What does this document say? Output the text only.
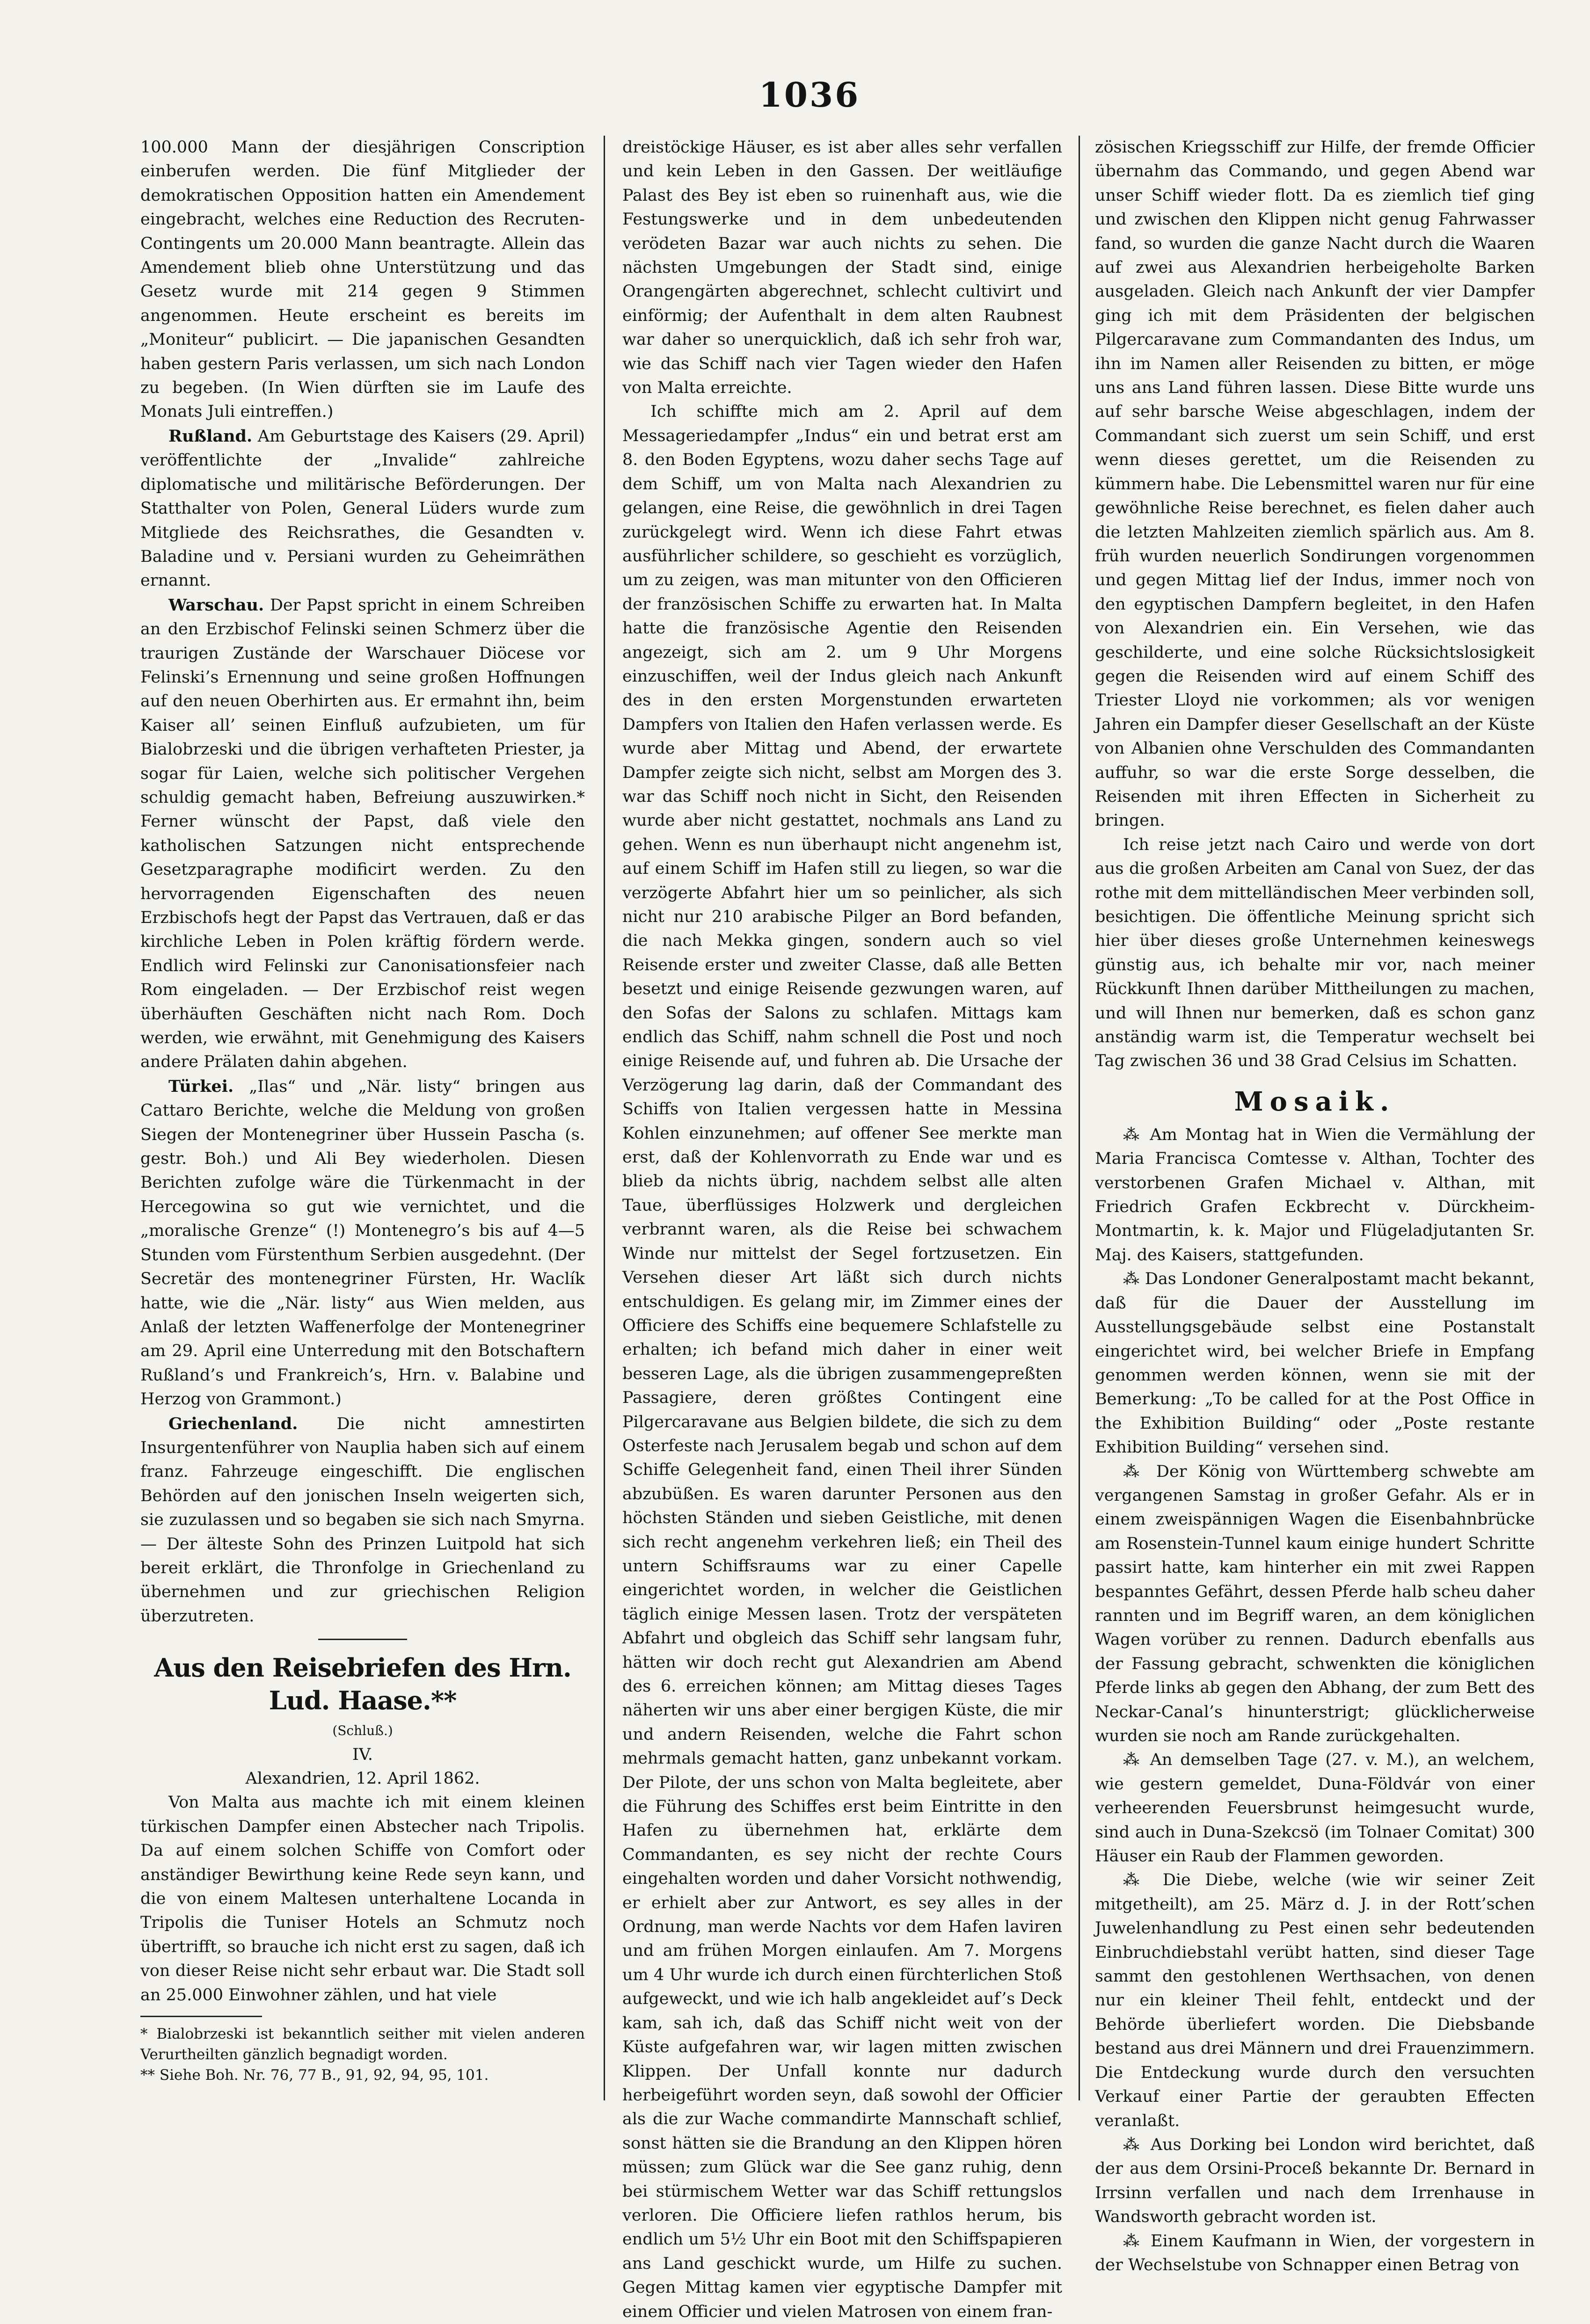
1036

100.000 Mann der diesjährigen Conscription einberufen werden. Die fünf Mitglieder der demokratischen Opposition hatten ein Amendement eingebracht, welches eine Reduction des Recruten-Contingents um 20.000 Mann beantragte. Allein das Amendement blieb ohne Unterstützung und das Gesetz wurde mit 214 gegen 9 Stimmen angenommen. Heute erscheint es bereits im „Moniteur“ publicirt. — Die japanischen Gesandten haben gestern Paris verlassen, um sich nach London zu begeben. (In Wien dürften sie im Laufe des Monats Juli eintreffen.)

Rußland. Am Geburtstage des Kaisers (29. April) veröffentlichte der „Invalide“ zahlreiche diplomatische und militärische Beförderungen. Der Statthalter von Polen, General Lüders wurde zum Mitgliede des Reichsrathes, die Gesandten v. Baladine und v. Persiani wurden zu Geheimräthen ernannt.

Warschau. Der Papst spricht in einem Schreiben an den Erzbischof Felinski seinen Schmerz über die traurigen Zustände der Warschauer Diöcese vor Felinski’s Ernennung und seine großen Hoffnungen auf den neuen Oberhirten aus. Er ermahnt ihn, beim Kaiser all’ seinen Einfluß aufzubieten, um für Bialobrzeski und die übrigen verhafteten Priester, ja sogar für Laien, welche sich politischer Vergehen schuldig gemacht haben, Befreiung auszuwirken.* Ferner wünscht der Papst, daß viele den katholischen Satzungen nicht entsprechende Gesetzparagraphe modificirt werden. Zu den hervorragenden Eigenschaften des neuen Erzbischofs hegt der Papst das Vertrauen, daß er das kirchliche Leben in Polen kräftig fördern werde. Endlich wird Felinski zur Canonisationsfeier nach Rom eingeladen. — Der Erzbischof reist wegen überhäuften Geschäften nicht nach Rom. Doch werden, wie erwähnt, mit Genehmigung des Kaisers andere Prälaten dahin abgehen.

Türkei. „Ilas“ und „När. listy“ bringen aus Cattaro Berichte, welche die Meldung von großen Siegen der Montenegriner über Hussein Pascha (s. gestr. Boh.) und Ali Bey wiederholen. Diesen Berichten zufolge wäre die Türkenmacht in der Hercegowina so gut wie vernichtet, und die „moralische Grenze“ (!) Montenegro’s bis auf 4—5 Stunden vom Fürstenthum Serbien ausgedehnt. (Der Secretär des montenegriner Fürsten, Hr. Waclík hatte, wie die „När. listy“ aus Wien melden, aus Anlaß der letzten Waffenerfolge der Montenegriner am 29. April eine Unterredung mit den Botschaftern Rußland’s und Frankreich’s, Hrn. v. Balabine und Herzog von Grammont.)

Griechenland. Die nicht amnestirten Insurgentenführer von Nauplia haben sich auf einem franz. Fahrzeuge eingeschifft. Die englischen Behörden auf den jonischen Inseln weigerten sich, sie zuzulassen und so begaben sie sich nach Smyrna. — Der älteste Sohn des Prinzen Luitpold hat sich bereit erklärt, die Thronfolge in Griechenland zu übernehmen und zur griechischen Religion überzutreten.

Aus den Reisebriefen des Hrn. Lud. Haase.**

(Schluß.)

IV.

Alexandrien, 12. April 1862.

Von Malta aus machte ich mit einem kleinen türkischen Dampfer einen Abstecher nach Tripolis. Da auf einem solchen Schiffe von Comfort oder anständiger Bewirthung keine Rede seyn kann, und die von einem Maltesen unterhaltene Locanda in Tripolis die Tuniser Hotels an Schmutz noch übertrifft, so brauche ich nicht erst zu sagen, daß ich von dieser Reise nicht sehr erbaut war. Die Stadt soll an 25.000 Einwohner zählen, und hat viele

* Bialobrzeski ist bekanntlich seither mit vielen anderen Verurtheilten gänzlich begnadigt worden.

** Siehe Boh. Nr. 76, 77 B., 91, 92, 94, 95, 101.

dreistöckige Häuser, es ist aber alles sehr verfallen und kein Leben in den Gassen. Der weitläufige Palast des Bey ist eben so ruinenhaft aus, wie die Festungswerke und in dem unbedeutenden verödeten Bazar war auch nichts zu sehen. Die nächsten Umgebungen der Stadt sind, einige Orangengärten abgerechnet, schlecht cultivirt und einförmig; der Aufenthalt in dem alten Raubnest war daher so unerquicklich, daß ich sehr froh war, wie das Schiff nach vier Tagen wieder den Hafen von Malta erreichte.

Ich schiffte mich am 2. April auf dem Messageriedampfer „Indus“ ein und betrat erst am 8. den Boden Egyptens, wozu daher sechs Tage auf dem Schiff, um von Malta nach Alexandrien zu gelangen, eine Reise, die gewöhnlich in drei Tagen zurückgelegt wird. Wenn ich diese Fahrt etwas ausführlicher schildere, so geschieht es vorzüglich, um zu zeigen, was man mitunter von den Officieren der französischen Schiffe zu erwarten hat. In Malta hatte die französische Agentie den Reisenden angezeigt, sich am 2. um 9 Uhr Morgens einzuschiffen, weil der Indus gleich nach Ankunft des in den ersten Morgenstunden erwarteten Dampfers von Italien den Hafen verlassen werde. Es wurde aber Mittag und Abend, der erwartete Dampfer zeigte sich nicht, selbst am Morgen des 3. war das Schiff noch nicht in Sicht, den Reisenden wurde aber nicht gestattet, nochmals ans Land zu gehen. Wenn es nun überhaupt nicht angenehm ist, auf einem Schiff im Hafen still zu liegen, so war die verzögerte Abfahrt hier um so peinlicher, als sich nicht nur 210 arabische Pilger an Bord befanden, die nach Mekka gingen, sondern auch so viel Reisende erster und zweiter Classe, daß alle Betten besetzt und einige Reisende gezwungen waren, auf den Sofas der Salons zu schlafen. Mittags kam endlich das Schiff, nahm schnell die Post und noch einige Reisende auf, und fuhren ab. Die Ursache der Verzögerung lag darin, daß der Commandant des Schiffs von Italien vergessen hatte in Messina Kohlen einzunehmen; auf offener See merkte man erst, daß der Kohlenvorrath zu Ende war und es blieb da nichts übrig, nachdem selbst alle alten Taue, überflüssiges Holzwerk und dergleichen verbrannt waren, als die Reise bei schwachem Winde nur mittelst der Segel fortzusetzen. Ein Versehen dieser Art läßt sich durch nichts entschuldigen. Es gelang mir, im Zimmer eines der Officiere des Schiffs eine bequemere Schlafstelle zu erhalten; ich befand mich daher in einer weit besseren Lage, als die übrigen zusammengepreßten Passagiere, deren größtes Contingent eine Pilgercaravane aus Belgien bildete, die sich zu dem Osterfeste nach Jerusalem begab und schon auf dem Schiffe Gelegenheit fand, einen Theil ihrer Sünden abzubüßen. Es waren darunter Personen aus den höchsten Ständen und sieben Geistliche, mit denen sich recht angenehm verkehren ließ; ein Theil des untern Schiffsraums war zu einer Capelle eingerichtet worden, in welcher die Geistlichen täglich einige Messen lasen. Trotz der verspäteten Abfahrt und obgleich das Schiff sehr langsam fuhr, hätten wir doch recht gut Alexandrien am Abend des 6. erreichen können; am Mittag dieses Tages näherten wir uns aber einer bergigen Küste, die mir und andern Reisenden, welche die Fahrt schon mehrmals gemacht hatten, ganz unbekannt vorkam. Der Pilote, der uns schon von Malta begleitete, aber die Führung des Schiffes erst beim Eintritte in den Hafen zu übernehmen hat, erklärte dem Commandanten, es sey nicht der rechte Cours eingehalten worden und daher Vorsicht nothwendig, er erhielt aber zur Antwort, es sey alles in der Ordnung, man werde Nachts vor dem Hafen laviren und am frühen Morgen einlaufen. Am 7. Morgens um 4 Uhr wurde ich durch einen fürchterlichen Stoß aufgeweckt, und wie ich halb angekleidet auf’s Deck kam, sah ich, daß das Schiff nicht weit von der Küste aufgefahren war, wir lagen mitten zwischen Klippen. Der Unfall konnte nur dadurch herbeigeführt worden seyn, daß sowohl der Officier als die zur Wache commandirte Mannschaft schlief, sonst hätten sie die Brandung an den Klippen hören müssen; zum Glück war die See ganz ruhig, denn bei stürmischem Wetter war das Schiff rettungslos verloren. Die Officiere liefen rathlos herum, bis endlich um 5½ Uhr ein Boot mit den Schiffspapieren ans Land geschickt wurde, um Hilfe zu suchen. Gegen Mittag kamen vier egyptische Dampfer mit einem Officier und vielen Matrosen von einem fran-

zösischen Kriegsschiff zur Hilfe, der fremde Officier übernahm das Commando, und gegen Abend war unser Schiff wieder flott. Da es ziemlich tief ging und zwischen den Klippen nicht genug Fahrwasser fand, so wurden die ganze Nacht durch die Waaren auf zwei aus Alexandrien herbeigeholte Barken ausgeladen. Gleich nach Ankunft der vier Dampfer ging ich mit dem Präsidenten der belgischen Pilgercaravane zum Commandanten des Indus, um ihn im Namen aller Reisenden zu bitten, er möge uns ans Land führen lassen. Diese Bitte wurde uns auf sehr barsche Weise abgeschlagen, indem der Commandant sich zuerst um sein Schiff, und erst wenn dieses gerettet, um die Reisenden zu kümmern habe. Die Lebensmittel waren nur für eine gewöhnliche Reise berechnet, es fielen daher auch die letzten Mahlzeiten ziemlich spärlich aus. Am 8. früh wurden neuerlich Sondirungen vorgenommen und gegen Mittag lief der Indus, immer noch von den egyptischen Dampfern begleitet, in den Hafen von Alexandrien ein. Ein Versehen, wie das geschilderte, und eine solche Rücksichtslosigkeit gegen die Reisenden wird auf einem Schiff des Triester Lloyd nie vorkommen; als vor wenigen Jahren ein Dampfer dieser Gesellschaft an der Küste von Albanien ohne Verschulden des Commandanten auffuhr, so war die erste Sorge desselben, die Reisenden mit ihren Effecten in Sicherheit zu bringen.

Ich reise jetzt nach Cairo und werde von dort aus die großen Arbeiten am Canal von Suez, der das rothe mit dem mittelländischen Meer verbinden soll, besichtigen. Die öffentliche Meinung spricht sich hier über dieses große Unternehmen keineswegs günstig aus, ich behalte mir vor, nach meiner Rückkunft Ihnen darüber Mittheilungen zu machen, und will Ihnen nur bemerken, daß es schon ganz anständig warm ist, die Temperatur wechselt bei Tag zwischen 36 und 38 Grad Celsius im Schatten.

Mosaik.

⁂ Am Montag hat in Wien die Vermählung der Maria Francisca Comtesse v. Althan, Tochter des verstorbenen Grafen Michael v. Althan, mit Friedrich Grafen Eckbrecht v. Dürckheim-Montmartin, k. k. Major und Flügeladjutanten Sr. Maj. des Kaisers, stattgefunden.

⁂ Das Londoner Generalpostamt macht bekannt, daß für die Dauer der Ausstellung im Ausstellungsgebäude selbst eine Postanstalt eingerichtet wird, bei welcher Briefe in Empfang genommen werden können, wenn sie mit der Bemerkung: „To be called for at the Post Office in the Exhibition Building“ oder „Poste restante Exhibition Building“ versehen sind.

⁂ Der König von Württemberg schwebte am vergangenen Samstag in großer Gefahr. Als er in einem zweispännigen Wagen die Eisenbahnbrücke am Rosenstein-Tunnel kaum einige hundert Schritte passirt hatte, kam hinterher ein mit zwei Rappen bespanntes Gefährt, dessen Pferde halb scheu daher rannten und im Begriff waren, an dem königlichen Wagen vorüber zu rennen. Dadurch ebenfalls aus der Fassung gebracht, schwenkten die königlichen Pferde links ab gegen den Abhang, der zum Bett des Neckar-Canal’s hinunterstrigt; glücklicherweise wurden sie noch am Rande zurückgehalten.

⁂ An demselben Tage (27. v. M.), an welchem, wie gestern gemeldet, Duna-Földvár von einer verheerenden Feuersbrunst heimgesucht wurde, sind auch in Duna-Szekcsö (im Tolnaer Comitat) 300 Häuser ein Raub der Flammen geworden.

⁂ Die Diebe, welche (wie wir seiner Zeit mitgetheilt), am 25. März d. J. in der Rott’schen Juwelenhandlung zu Pest einen sehr bedeutenden Einbruchdiebstahl verübt hatten, sind dieser Tage sammt den gestohlenen Werthsachen, von denen nur ein kleiner Theil fehlt, entdeckt und der Behörde überliefert worden. Die Diebsbande bestand aus drei Männern und drei Frauenzimmern. Die Entdeckung wurde durch den versuchten Verkauf einer Partie der geraubten Effecten veranlaßt.

⁂ Aus Dorking bei London wird berichtet, daß der aus dem Orsini-Proceß bekannte Dr. Bernard in Irrsinn verfallen und nach dem Irrenhause in Wandsworth gebracht worden ist.

⁂ Einem Kaufmann in Wien, der vorgestern in der Wechselstube von Schnapper einen Betrag von
